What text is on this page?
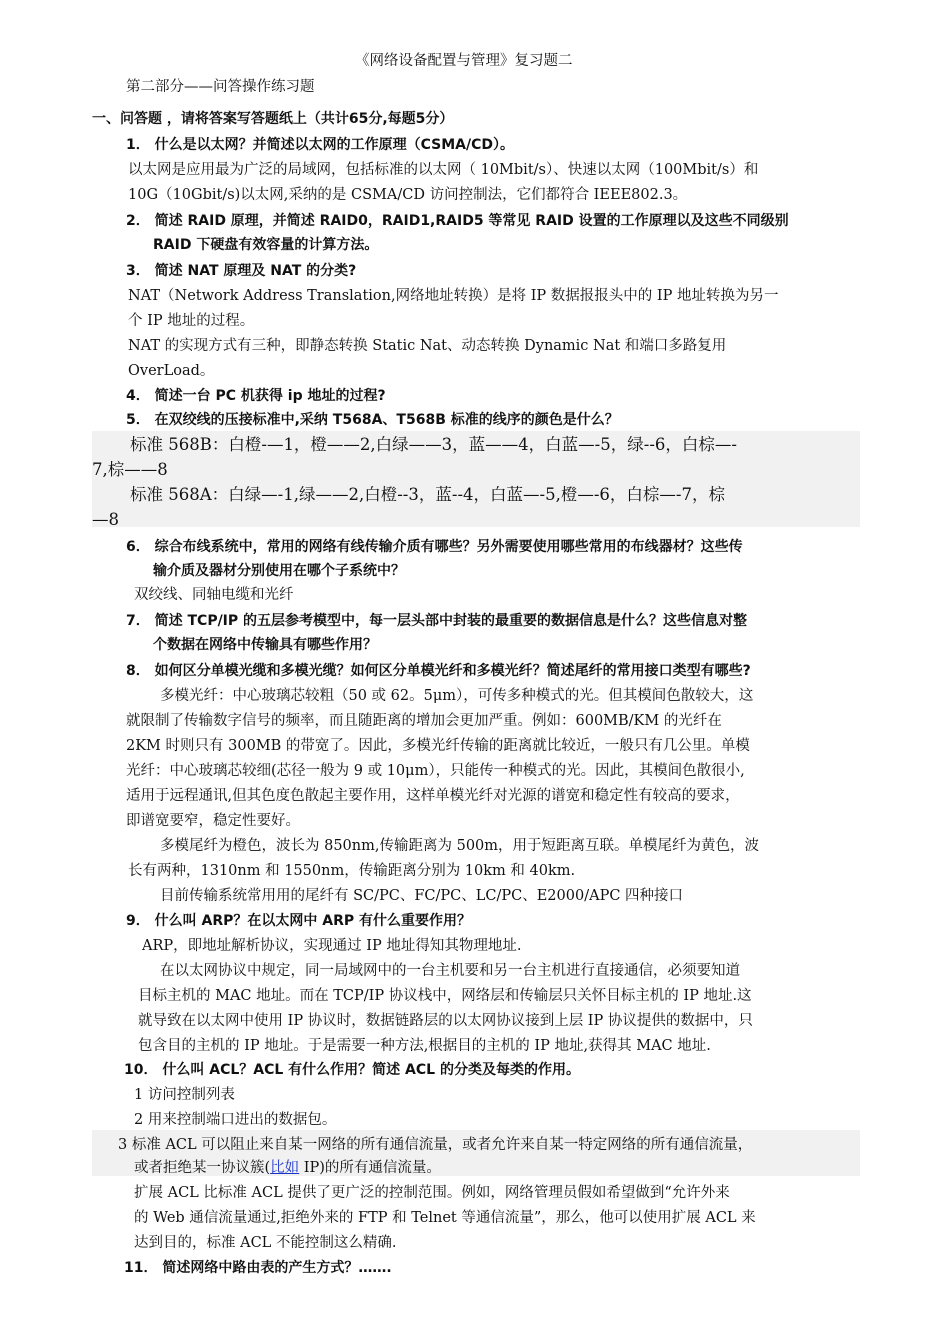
《网络设备配置与管理》复习题二
第二部分——问答操作练习题
一、问答题 ，请将答案写答题纸上（共计65分,每题5分）
1． 什么是以太网？并简述以太网的工作原理（CSMA/CD）。
以太网是应用最为广泛的局域网，包括标准的以太网（ 10Mbit/s）、快速以太网（100Mbit/s）和
10G（10Gbit/s)以太网,采纳的是 CSMA/CD 访问控制法，它们都符合 IEEE802.3。
2． 简述 RAID 原理，并简述 RAID0，RAID1,RAID5 等常见 RAID 设置的工作原理以及这些不同级别
RAID 下硬盘有效容量的计算方法。
3． 简述 NAT 原理及 NAT 的分类?
NAT（Network Address Translation,网络地址转换）是将 IP 数据报报头中的 IP 地址转换为另一
个 IP 地址的过程。
NAT 的实现方式有三种，即静态转换 Static Nat、动态转换 Dynamic Nat 和端口多路复用
OverLoad。
4． 简述一台 PC 机获得 ip 地址的过程?
5． 在双绞线的压接标准中,采纳 T568A、T568B 标准的线序的颜色是什么？
标准 568B：白橙-—1，橙——2,白绿——3，蓝——4，白蓝—-5，绿--6，白棕—-
7,棕——8
标准 568A：白绿—-1,绿——2,白橙--3，蓝--4，白蓝—-5,橙—-6，白棕—-7，棕
—8
6． 综合布线系统中，常用的网络有线传输介质有哪些？另外需要使用哪些常用的布线器材？这些传
输介质及器材分别使用在哪个子系统中？
双绞线、同轴电缆和光纤
7． 简述 TCP/IP 的五层参考模型中，每一层头部中封装的最重要的数据信息是什么？这些信息对整
个数据在网络中传输具有哪些作用？
8． 如何区分单模光缆和多模光缆？如何区分单模光纤和多模光纤？简述尾纤的常用接口类型有哪些?
多模光纤：中心玻璃芯较粗（50 或 62。5μm），可传多种模式的光。但其模间色散较大，这
就限制了传输数字信号的频率，而且随距离的增加会更加严重。例如：600MB/KM 的光纤在
2KM 时则只有 300MB 的带宽了。因此，多模光纤传输的距离就比较近，一般只有几公里。单模
光纤：中心玻璃芯较细(芯径一般为 9 或 10μm），只能传一种模式的光。因此，其模间色散很小,
适用于远程通讯,但其色度色散起主要作用，这样单模光纤对光源的谱宽和稳定性有较高的要求，
即谱宽要窄，稳定性要好。
多模尾纤为橙色，波长为 850nm,传输距离为 500m，用于短距离互联。单模尾纤为黄色，波
长有两种，1310nm 和 1550nm，传输距离分别为 10km 和 40km.
目前传输系统常用用的尾纤有 SC/PC、FC/PC、LC/PC、E2000/APC 四种接口
9． 什么叫 ARP？在以太网中 ARP 有什么重要作用？
ARP，即地址解析协议，实现通过 IP 地址得知其物理地址.
在以太网协议中规定，同一局域网中的一台主机要和另一台主机进行直接通信，必须要知道
目标主机的 MAC 地址。而在 TCP/IP 协议栈中，网络层和传输层只关怀目标主机的 IP 地址.这
就导致在以太网中使用 IP 协议时，数据链路层的以太网协议接到上层 IP 协议提供的数据中，只
包含目的主机的 IP 地址。于是需要一种方法,根据目的主机的 IP 地址,获得其 MAC 地址.
10． 什么叫 ACL？ACL 有什么作用？简述 ACL 的分类及每类的作用。
1 访问控制列表
2 用来控制端口进出的数据包。
3 标准 ACL 可以阻止来自某一网络的所有通信流量，或者允许来自某一特定网络的所有通信流量，
或者拒绝某一协议簇(比如 IP)的所有通信流量。
扩展 ACL 比标准 ACL 提供了更广泛的控制范围。例如，网络管理员假如希望做到“允许外来
的 Web 通信流量通过,拒绝外来的 FTP 和 Telnet 等通信流量”，那么，他可以使用扩展 ACL 来
达到目的，标准 ACL 不能控制这么精确.
11． 简述网络中路由表的产生方式？…….
